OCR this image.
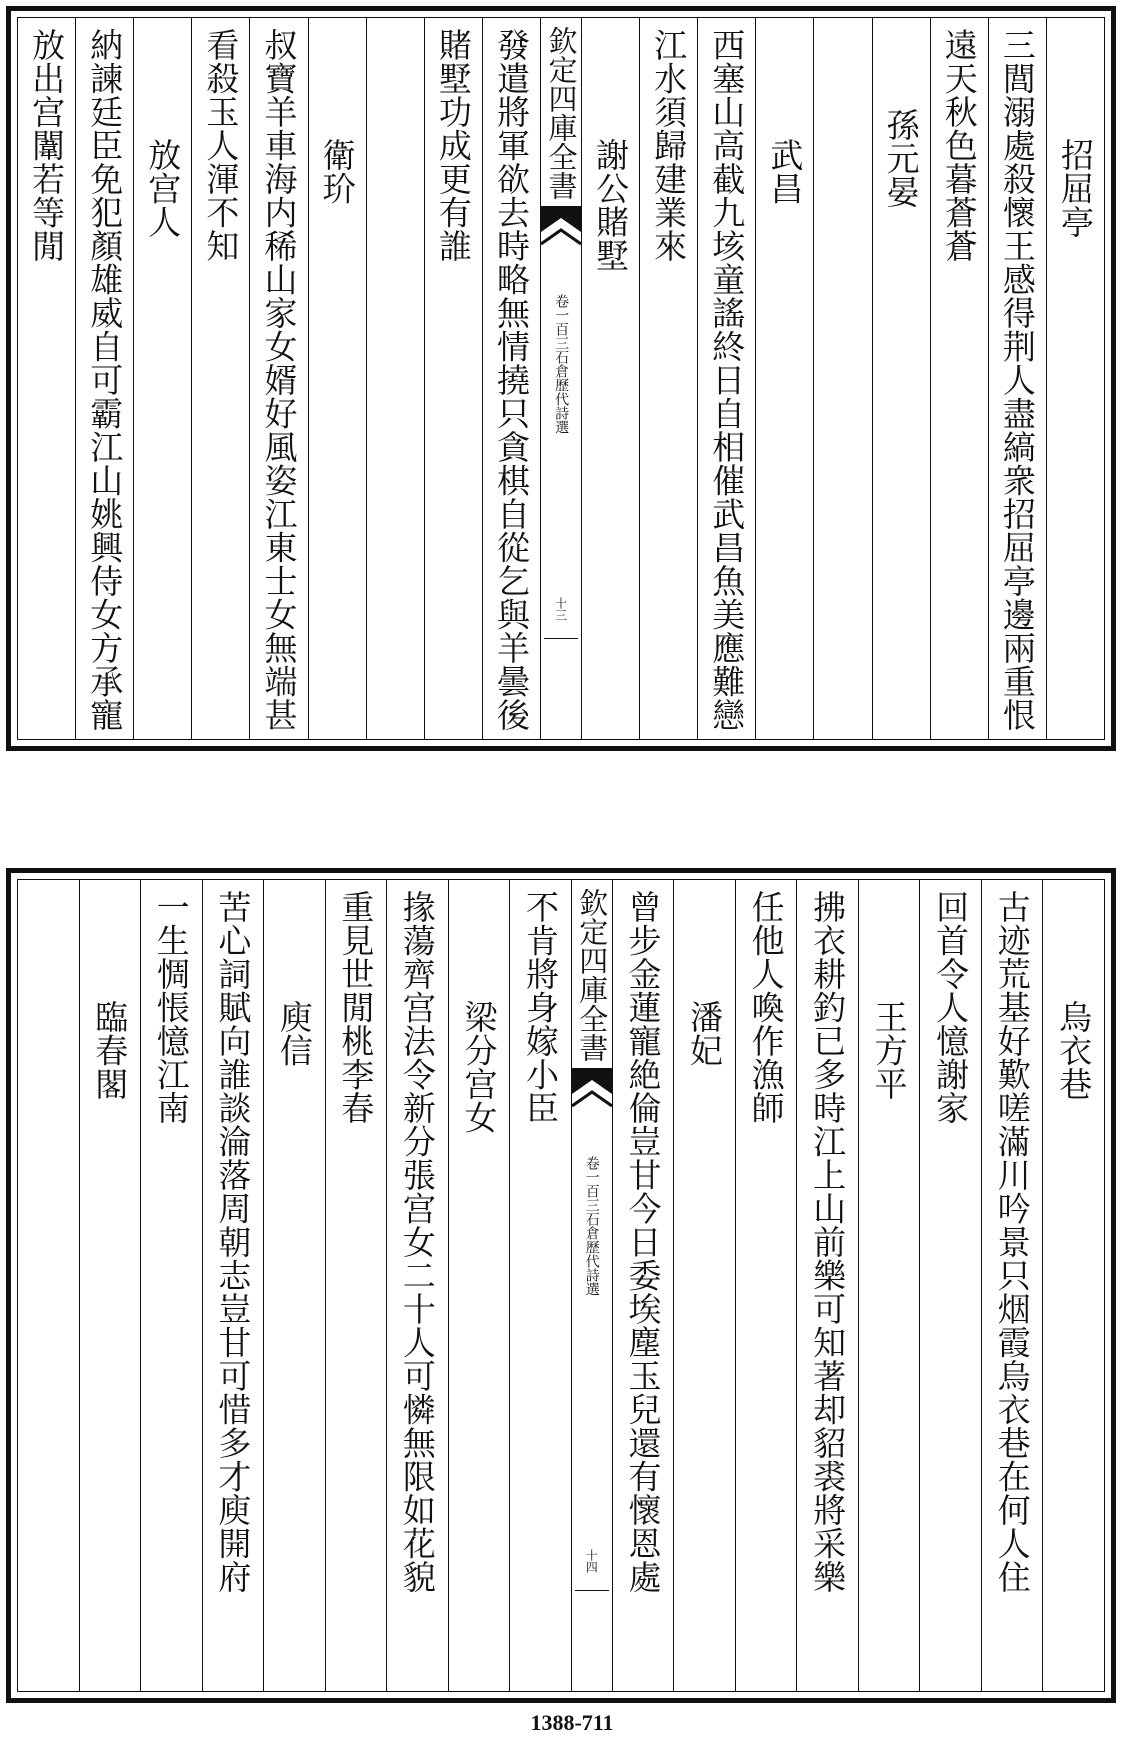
招屈亭
三閭溺處殺懷王感得荆人盡縞衆招屈亭邊兩重恨
遠天秋色暮蒼蒼
孫元晏
武昌
西塞山高截九垓童謠終日自相催武昌魚美應難戀
江水須歸建業來
謝公賭墅
欽定四庫全書
石倉歷代詩選
卷一百三
十三
發遣將軍欲去時略無情撓只貪棋自從乞與羊曇後
賭墅功成更有誰
衛玠
叔寶羊車海内稀山家女婿好風姿江東士女無端甚
看殺玉人渾不知
放宫人
納諫廷臣免犯顏雄威自可霸江山姚興侍女方承寵
放出宫闈若等閒
烏衣巷
古迹荒基好歎嗟滿川吟景只烟霞烏衣巷在何人住
回首令人憶謝家
王方平
拂衣耕釣已多時江上山前樂可知著却貂裘將采樂
任他人喚作漁師
潘妃
曾步金蓮寵絶倫豈甘今日委埃塵玉兒還有懷恩處
欽定四庫全書
石倉歷代詩選
卷一百三
十四
不肯將身嫁小臣
梁分宫女
掾蕩齊宫法令新分張宫女二十人可憐無限如花貌
重見世閒桃李春
庾信
苦心詞賦向誰談淪落周朝志豈甘可惜多才庾開府
一生惆悵憶江南
臨春閣
1388-711
